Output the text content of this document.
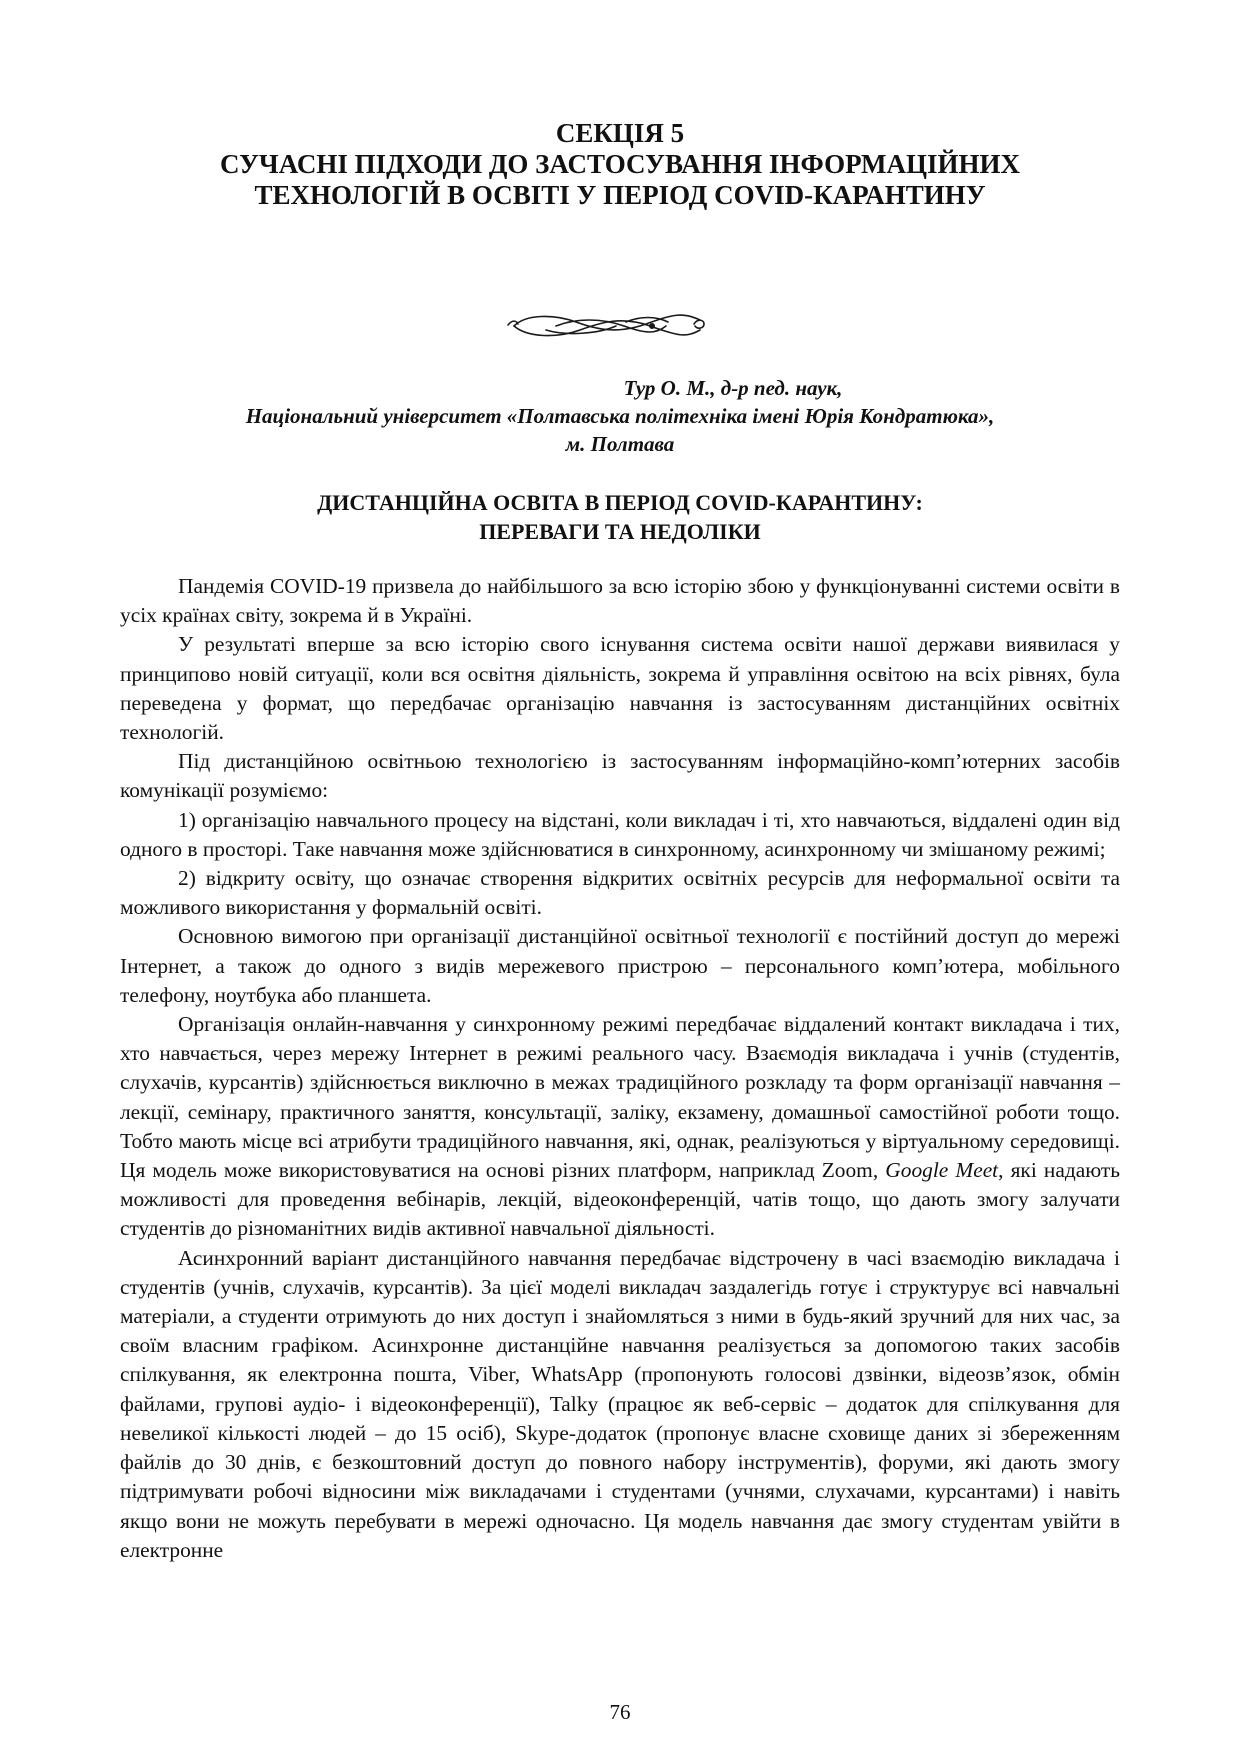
СЕКЦІЯ 5
СУЧАСНІ ПІДХОДИ ДО ЗАСТОСУВАННЯ ІНФОРМАЦІЙНИХ
ТЕХНОЛОГІЙ В ОСВІТІ У ПЕРІОД COVID-КАРАНТИНУ
Тур О. М., д-р пед. наук,
Національний університет «Полтавська політехніка імені Юрія Кондратюка»,
м. Полтава
ДИСТАНЦІЙНА ОСВІТА В ПЕРІОД COVID-КАРАНТИНУ:
ПЕРЕВАГИ ТА НЕДОЛІКИ

Пандемія COVID-19 призвела до найбільшого за всю історію збою у функціонуванні системи освіти в усіх країнах світу, зокрема й в Україні.

У результаті вперше за всю історію свого існування система освіти нашої держави виявилася у принципово новій ситуації, коли вся освітня діяльність, зокрема й управління освітою на всіх рівнях, була переведена у формат, що передбачає організацію навчання із застосуванням дистанційних освітніх технологій.

Під дистанційною освітньою технологією із застосуванням інформаційно-комп’ютерних засобів комунікації розуміємо:

1) організацію навчального процесу на відстані, коли викладач і ті, хто навчаються, віддалені один від одного в просторі. Таке навчання може здійснюватися в синхронному, асинхронному чи змішаному режимі;

2) відкриту освіту, що означає створення відкритих освітніх ресурсів для неформальної освіти та можливого використання у формальній освіті.

Основною вимогою при організації дистанційної освітньої технології є постійний доступ до мережі Інтернет, а також до одного з видів мережевого пристрою – персонального комп’ютера, мобільного телефону, ноутбука або планшета.

Організація онлайн-навчання у синхронному режимі передбачає віддалений контакт викладача і тих, хто навчається, через мережу Інтернет в режимі реального часу. Взаємодія викладача і учнів (студентів, слухачів, курсантів) здійснюється виключно в межах традиційного розкладу та форм організації навчання – лекції, семінару, практичного заняття, консультації, заліку, екзамену, домашньої самостійної роботи тощо. Тобто мають місце всі атрибути традиційного навчання, які, однак, реалізуються у віртуальному середовищі. Ця модель може використовуватися на основі різних платформ, наприклад Zoom, Google Meet, які надають можливості для проведення вебінарів, лекцій, відеоконференцій, чатів тощо, що дають змогу залучати студентів до різноманітних видів активної навчальної діяльності.

Асинхронний варіант дистанційного навчання передбачає відстрочену в часі взаємодію викладача і студентів (учнів, слухачів, курсантів). За цієї моделі викладач заздалегідь готує і структурує всі навчальні матеріали, а студенти отримують до них доступ і знайомляться з ними в будь-який зручний для них час, за своїм власним графіком. Асинхронне дистанційне навчання реалізується за допомогою таких засобів спілкування, як електронна пошта, Viber, WhatsApp (пропонують голосові дзвінки, відеозв’язок, обмін файлами, групові аудіо- і відеоконференції), Talky (працює як веб-сервіс – додаток для спілкування для невеликої кількості людей – до 15 осіб), Skype-додаток (пропонує власне сховище даних зі збереженням файлів до 30 днів, є безкоштовний доступ до повного набору інструментів), форуми, які дають змогу підтримувати робочі відносини між викладачами і студентами (учнями, слухачами, курсантами) і навіть якщо вони не можуть перебувати в мережі одночасно. Ця модель навчання дає змогу студентам увійти в електронне

76
